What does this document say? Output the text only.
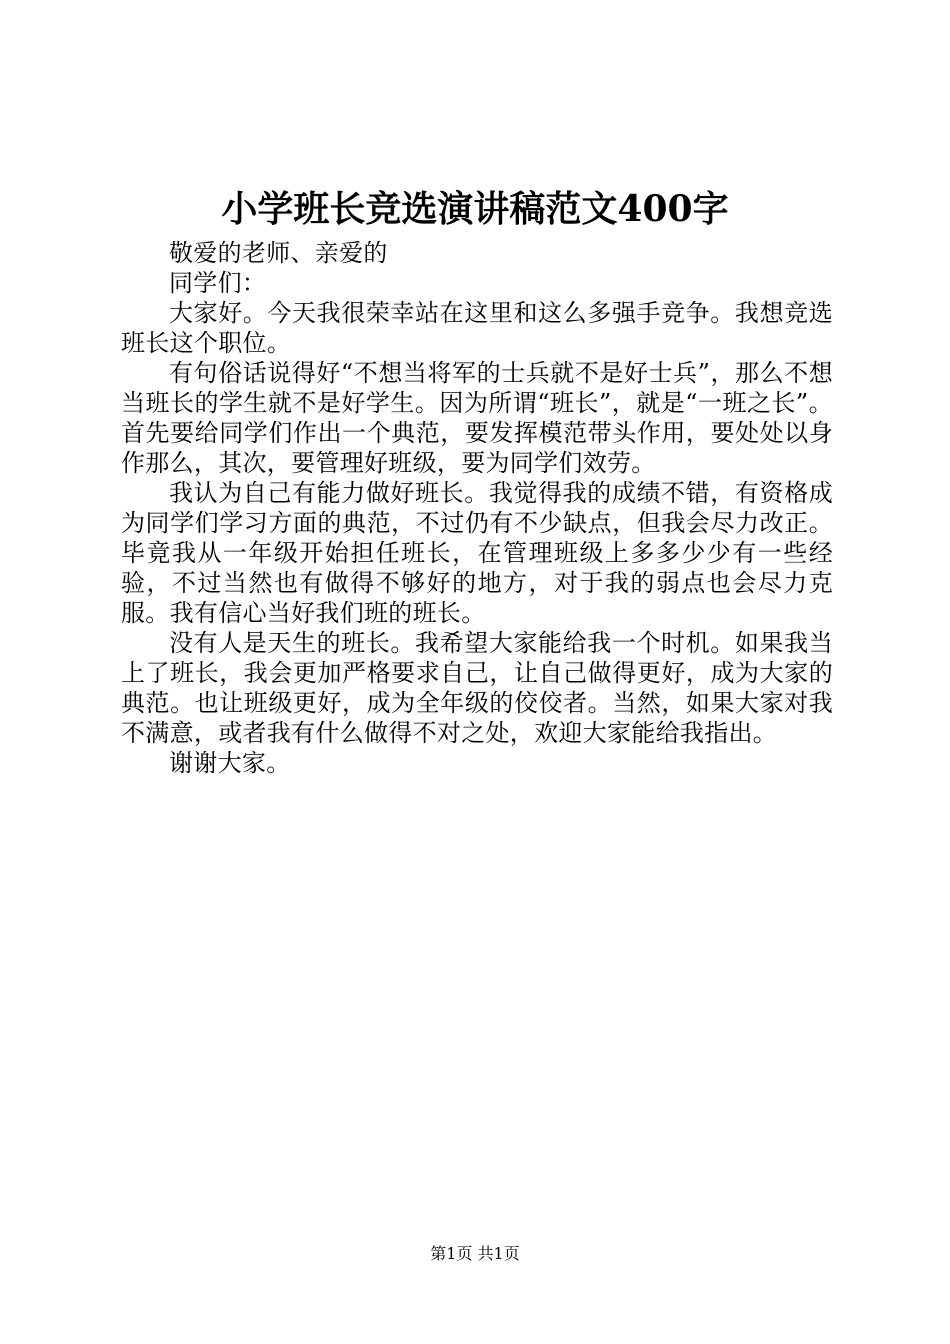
小学班长竞选演讲稿范文400字

敬爱的老师、亲爱的

同学们：

大家好。今天我很荣幸站在这里和这么多强手竞争。我想竞选班长这个职位。

有句俗话说得好“不想当将军的士兵就不是好士兵”，那么不想当班长的学生就不是好学生。因为所谓“班长”，就是“一班之长”。首先要给同学们作出一个典范，要发挥模范带头作用，要处处以身作那么，其次，要管理好班级，要为同学们效劳。

我认为自己有能力做好班长。我觉得我的成绩不错，有资格成为同学们学习方面的典范，不过仍有不少缺点，但我会尽力改正。毕竟我从一年级开始担任班长，在管理班级上多多少少有一些经验，不过当然也有做得不够好的地方，对于我的弱点也会尽力克服。我有信心当好我们班的班长。

没有人是天生的班长。我希望大家能给我一个时机。如果我当上了班长，我会更加严格要求自己，让自己做得更好，成为大家的典范。也让班级更好，成为全年级的佼佼者。当然，如果大家对我不满意，或者我有什么做得不对之处，欢迎大家能给我指出。

谢谢大家。

第1页 共1页
